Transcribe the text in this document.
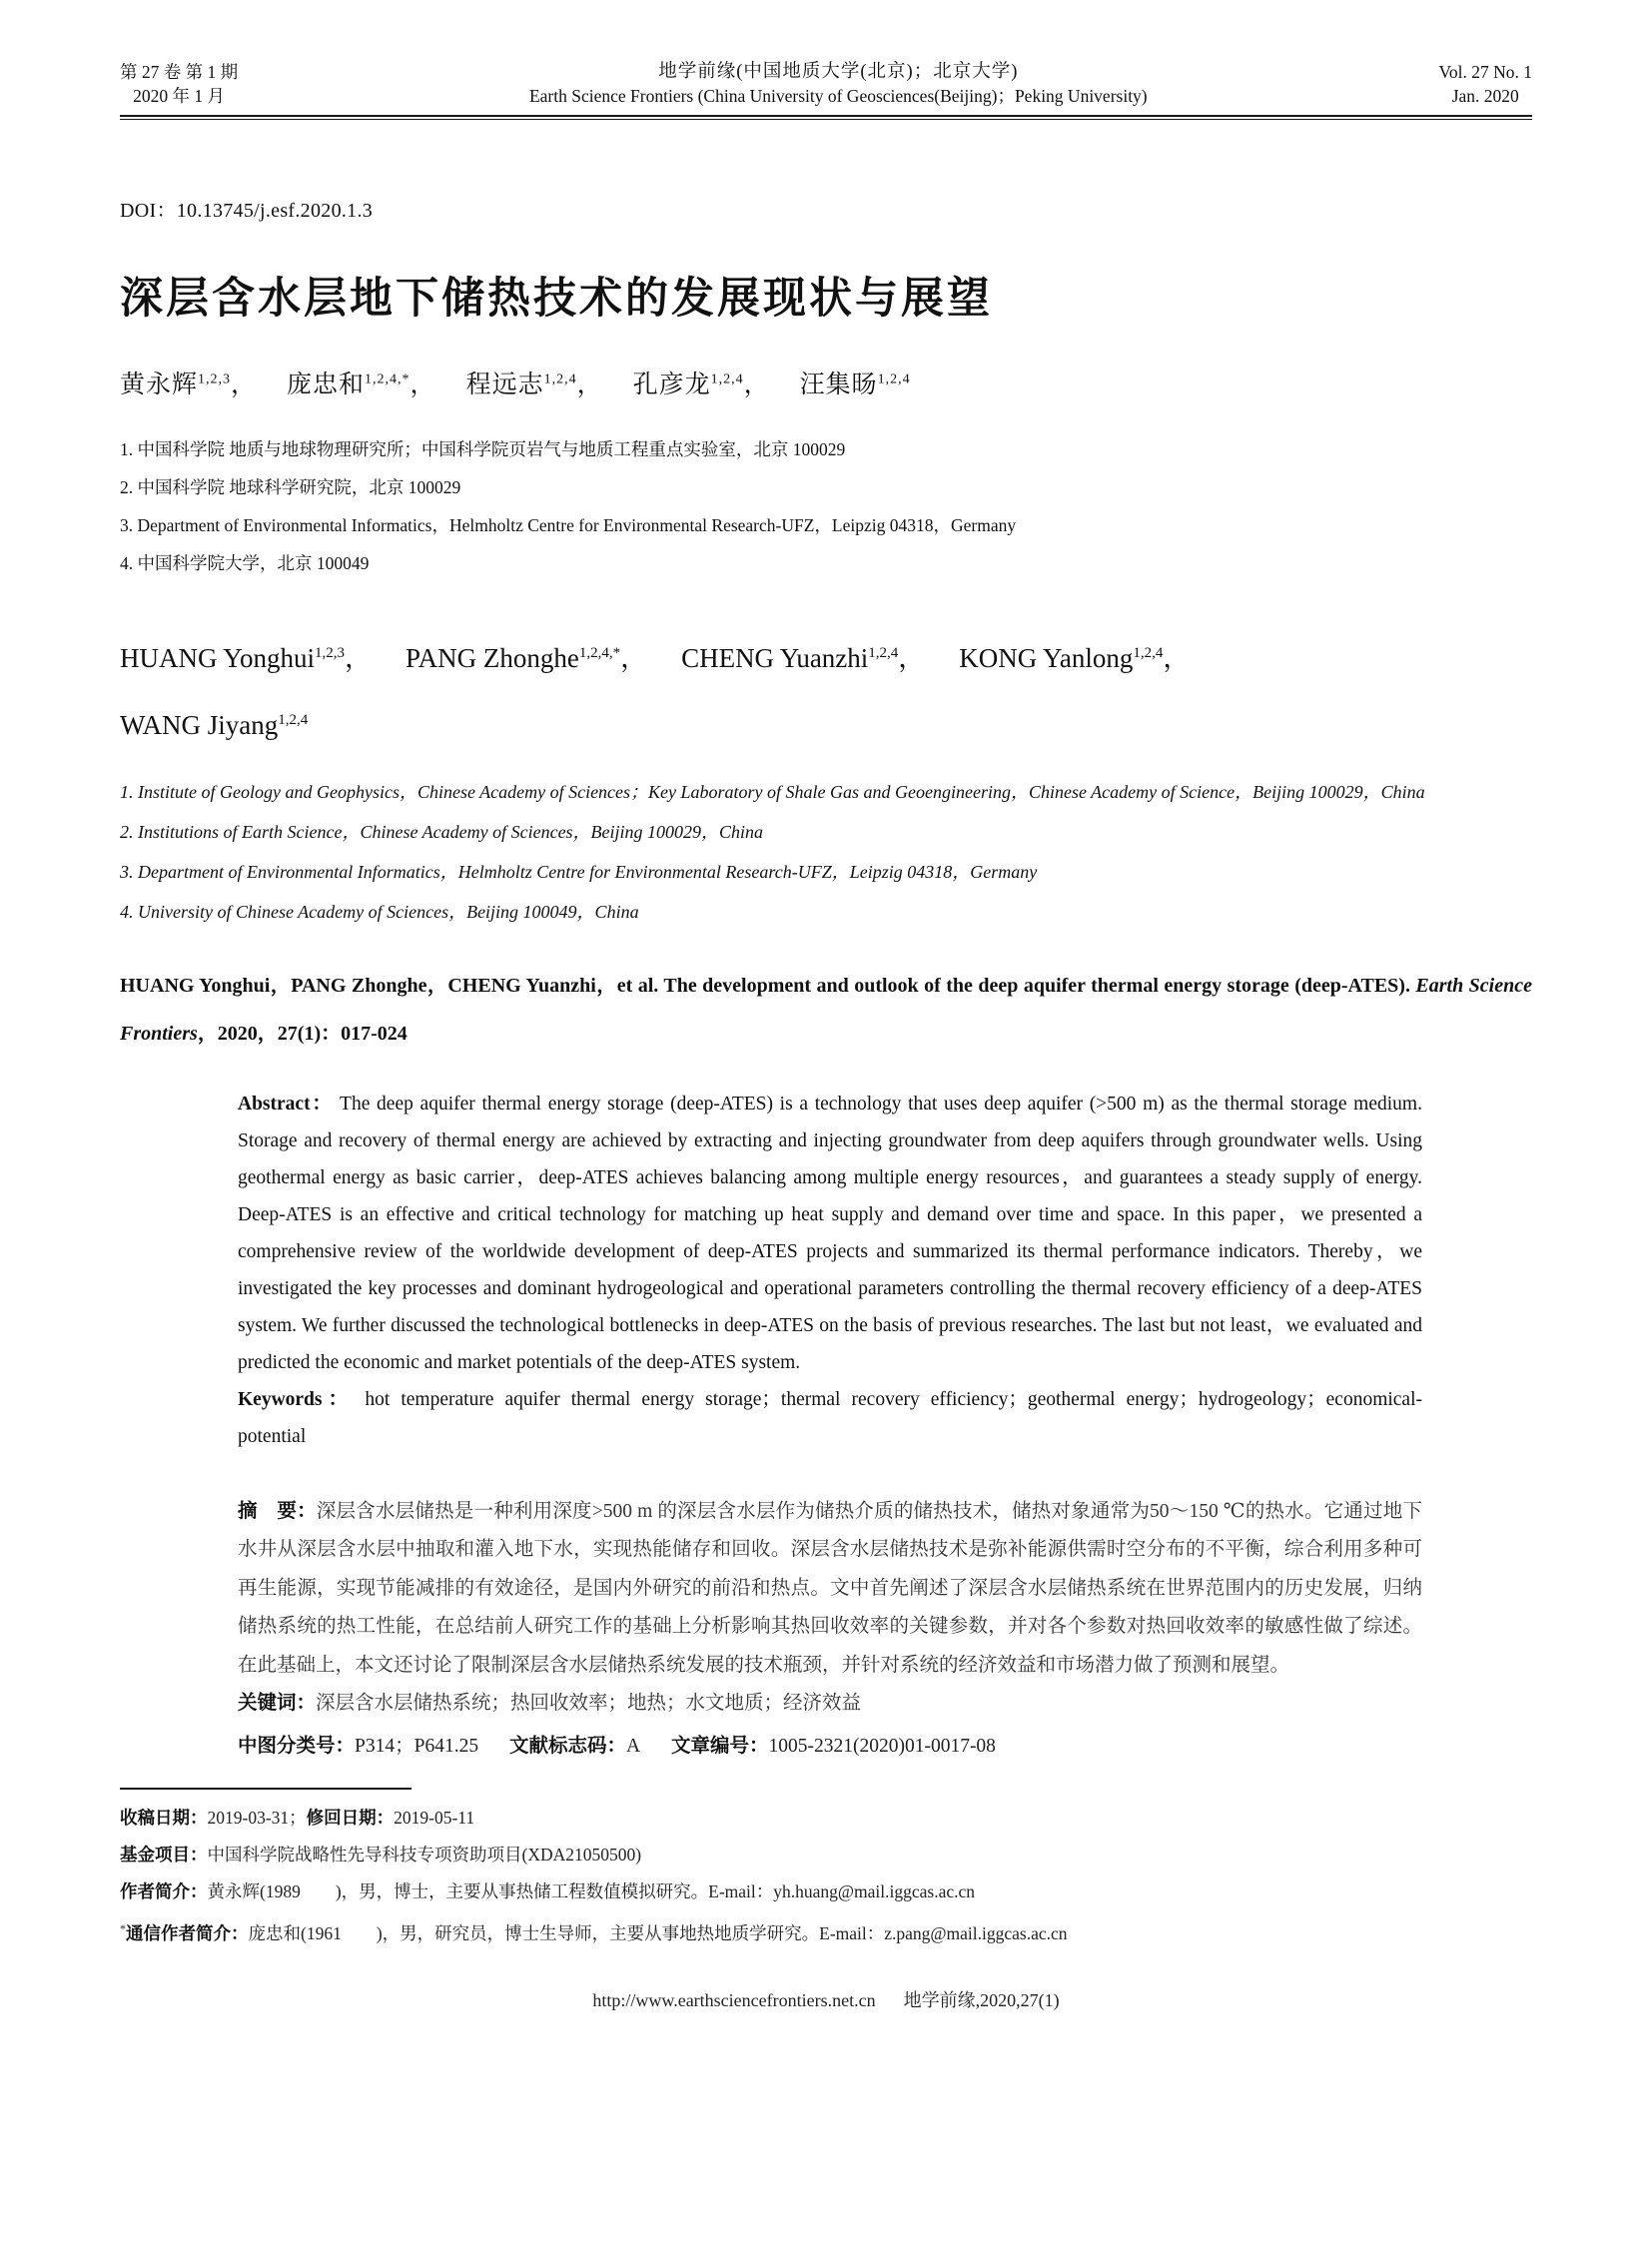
第 27 卷 第 1 期
2020 年 1 月
地学前缘(中国地质大学(北京)；北京大学)
Earth Science Frontiers (China University of Geosciences(Beijing)；Peking University)
Vol. 27 No. 1
Jan. 2020
DOI：10.13745/j.esf.2020.1.3
深层含水层地下储热技术的发展现状与展望
黄永辉$^{1,2,3}$， 庞忠和$^{1,2,4,*}$， 程远志$^{1,2,4}$， 孔彦龙$^{1,2,4}$， 汪集旸$^{1,2,4}$
1. 中国科学院 地质与地球物理研究所；中国科学院页岩气与地质工程重点实验室，北京 100029
2. 中国科学院 地球科学研究院，北京 100029
3. Department of Environmental Informatics，Helmholtz Centre for Environmental Research-UFZ，Leipzig 04318，Germany
4. 中国科学院大学，北京 100049
HUANG Yonghui$^{1,2,3}$， PANG Zhonghe$^{1,2,4,*}$， CHENG Yuanzhi$^{1,2,4}$， KONG Yanlong$^{1,2,4}$，
WANG Jiyang$^{1,2,4}$
1. Institute of Geology and Geophysics，Chinese Academy of Sciences；Key Laboratory of Shale Gas and Geoengineering，Chinese Academy of Science，Beijing 100029，China
2. Institutions of Earth Science，Chinese Academy of Sciences，Beijing 100029，China
3. Department of Environmental Informatics，Helmholtz Centre for Environmental Research-UFZ，Leipzig 04318，Germany
4. University of Chinese Academy of Sciences，Beijing 100049，China
HUANG Yonghui，PANG Zhonghe，CHENG Yuanzhi，et al. The development and outlook of the deep aquifer thermal energy storage (deep-ATES). Earth Science Frontiers，2020，27(1)：017-024

Abstract： The deep aquifer thermal energy storage (deep-ATES) is a technology that uses deep aquifer (>500 m) as the thermal storage medium. Storage and recovery of thermal energy are achieved by extracting and injecting groundwater from deep aquifers through groundwater wells. Using geothermal energy as basic carrier，deep-ATES achieves balancing among multiple energy resources，and guarantees a steady supply of energy. Deep-ATES is an effective and critical technology for matching up heat supply and demand over time and space. In this paper，we presented a comprehensive review of the worldwide development of deep-ATES projects and summarized its thermal performance indicators. Thereby，we investigated the key processes and dominant hydrogeological and operational parameters controlling the thermal recovery efficiency of a deep-ATES system. We further discussed the technological bottlenecks in deep-ATES on the basis of previous researches. The last but not least，we evaluated and predicted the economic and market potentials of the deep-ATES system.

Keywords： hot temperature aquifer thermal energy storage；thermal recovery efficiency；geothermal energy；hydrogeology；economical-potential

摘　要：深层含水层储热是一种利用深度>500 m 的深层含水层作为储热介质的储热技术，储热对象通常为50～150 ℃的热水。它通过地下水井从深层含水层中抽取和灌入地下水，实现热能储存和回收。深层含水层储热技术是弥补能源供需时空分布的不平衡，综合利用多种可再生能源，实现节能减排的有效途径，是国内外研究的前沿和热点。文中首先阐述了深层含水层储热系统在世界范围内的历史发展，归纳储热系统的热工性能，在总结前人研究工作的基础上分析影响其热回收效率的关键参数，并对各个参数对热回收效率的敏感性做了综述。在此基础上，本文还讨论了限制深层含水层储热系统发展的技术瓶颈，并针对系统的经济效益和市场潜力做了预测和展望。

关键词：深层含水层储热系统；热回收效率；地热；水文地质；经济效益

中图分类号：P314；P641.25 文献标志码：A 文章编号：1005-2321(2020)01-0017-08
收稿日期：2019-03-31；修回日期：2019-05-11
基金项目：中国科学院战略性先导科技专项资助项目(XDA21050500)
作者简介：黄永辉(1989　　)，男，博士，主要从事热储工程数值模拟研究。E-mail：yh.huang@mail.iggcas.ac.cn
*通信作者简介：庞忠和(1961　　)，男，研究员，博士生导师，主要从事地热地质学研究。E-mail：z.pang@mail.iggcas.ac.cn
http://www.earthsciencefrontiers.net.cn 地学前缘,2020,27(1)
